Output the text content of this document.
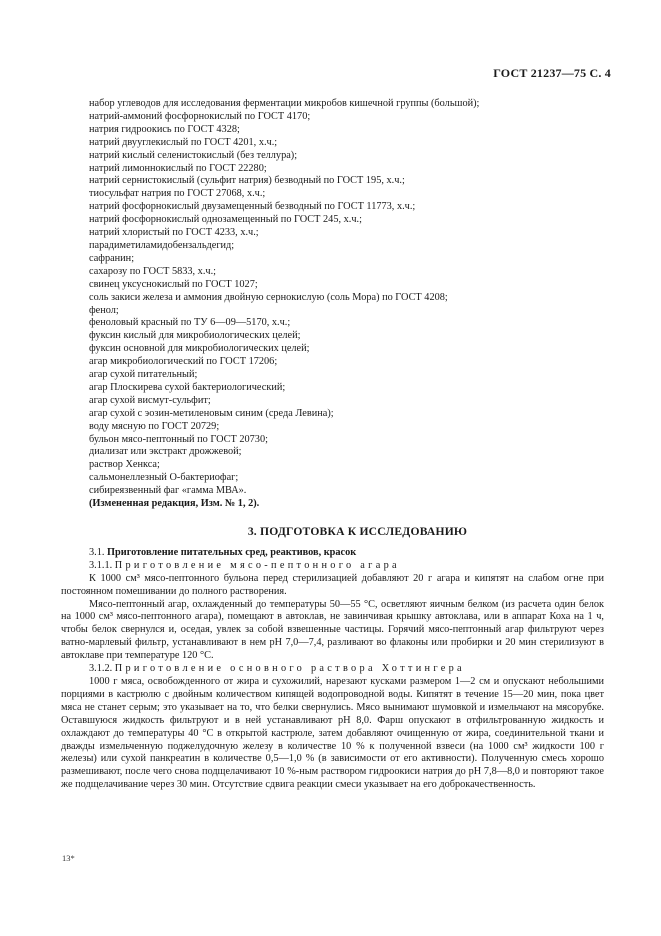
ГОСТ 21237—75 С. 4
набор углеводов для исследования ферментации микробов кишечной группы (большой);
натрий-аммоний фосфорнокислый по ГОСТ 4170;
натрия гидроокись по ГОСТ 4328;
натрий двууглекислый по ГОСТ 4201, х.ч.;
натрий кислый селенистокислый (без теллура);
натрий лимоннокислый по ГОСТ 22280;
натрий сернистокислый (сульфит натрия) безводный по ГОСТ 195, х.ч.;
тиосульфат натрия по ГОСТ 27068, х.ч.;
натрий фосфорнокислый двузамещенный безводный по ГОСТ 11773, х.ч.;
натрий фосфорнокислый однозамещенный по ГОСТ 245, х.ч.;
натрий хлористый по ГОСТ 4233, х.ч.;
парадиметиламидобензальдегид;
сафранин;
сахарозу по ГОСТ 5833, х.ч.;
свинец уксуснокислый по ГОСТ 1027;
соль закиси железа и аммония двойную сернокислую (соль Мора) по ГОСТ 4208;
фенол;
феноловый красный по ТУ 6—09—5170, х.ч.;
фуксин кислый для микробиологических целей;
фуксин основной для микробиологических целей;
агар микробиологический по ГОСТ 17206;
агар сухой питательный;
агар Плоскирева сухой бактериологический;
агар сухой висмут-сульфит;
агар сухой с эозин-метиленовым синим (среда Левина);
воду мясную по ГОСТ 20729;
бульон мясо-пептонный по ГОСТ 20730;
диализат или экстракт дрожжевой;
раствор Хенкса;
сальмонеллезный О-бактериофаг;
сибиреязвенный фаг «гамма МВА».
(Измененная редакция, Изм. № 1, 2).
3. ПОДГОТОВКА К ИССЛЕДОВАНИЮ
3.1. Приготовление питательных сред, реактивов, красок
3.1.1. Приготовление мясо-пептонного агара
К 1000 см³ мясо-пептонного бульона перед стерилизацией добавляют 20 г агара и кипятят на слабом огне при постоянном помешивании до полного растворения.
Мясо-пептонный агар, охлажденный до температуры 50—55 °С, осветляют яичным белком (из расчета один белок на 1000 см³ мясо-пептонного агара), помещают в автоклав, не завинчивая крышку автоклава, или в аппарат Коха на 1 ч, чтобы белок свернулся и, оседая, увлек за собой взвешенные частицы. Горячий мясо-пептонный агар фильтруют через ватно-марлевый фильтр, устанавливают в нем рН 7,0—7,4, разливают во флаконы или пробирки и 20 мин стерилизуют в автоклаве при температуре 120 °С.
3.1.2. Приготовление основного раствора Хоттингера
1000 г мяса, освобожденного от жира и сухожилий, нарезают кусками размером 1—2 см и опускают небольшими порциями в кастрюлю с двойным количеством кипящей водопроводной воды. Кипятят в течение 15—20 мин, пока цвет мяса не станет серым; это указывает на то, что белки свернулись. Мясо вынимают шумовкой и измельчают на мясорубке. Оставшуюся жидкость фильтруют и в ней устанавливают рН 8,0. Фарш опускают в отфильтрованную жидкость и охлаждают до температуры 40 °С в открытой кастрюле, затем добавляют очищенную от жира, соединительной ткани и дважды измельченную поджелудочную железу в количестве 10 % к полученной взвеси (на 1000 см³ жидкости 100 г железы) или сухой панкреатин в количестве 0,5—1,0 % (в зависимости от его активности). Полученную смесь хорошо размешивают, после чего снова подщелачивают 10 %-ным раствором гидроокиси натрия до рН 7,8—8,0 и повторяют такое же подщелачивание через 30 мин. Отсутствие сдвига реакции смеси указывает на его доброкачественность.
13*
